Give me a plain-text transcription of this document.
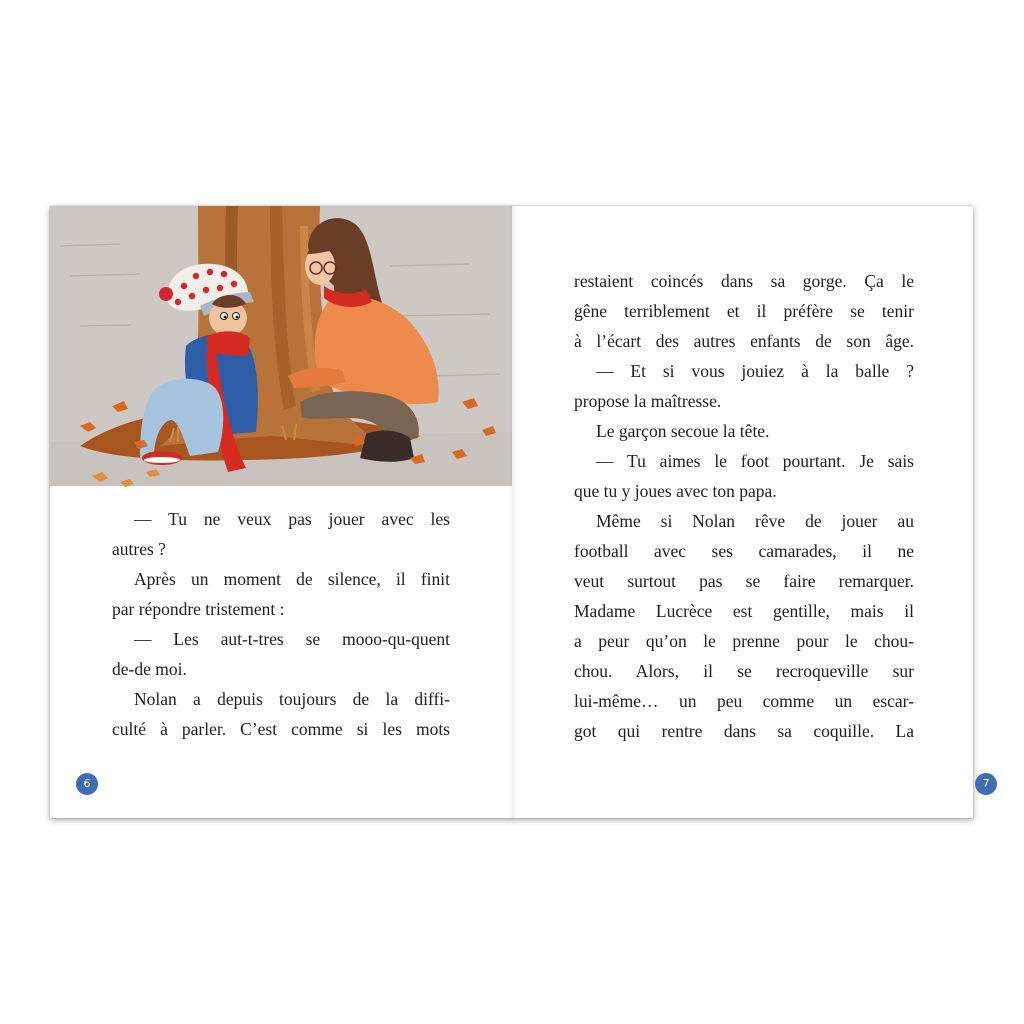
— Tu ne veux pas jouer avec les
autres ?
Après un moment de silence, il finit
par répondre tristement :
— Les aut-t-tres se mooo-qu-quent
de-de moi.
Nolan a depuis toujours de la diffi-
culté à parler. C’est comme si les mots
6
restaient coincés dans sa gorge. Ça le
gêne terriblement et il préfère se tenir
à l’écart des autres enfants de son âge.
— Et si vous jouiez à la balle ?
propose la maîtresse.
Le garçon secoue la tête.
— Tu aimes le foot pourtant. Je sais
que tu y joues avec ton papa.
Même si Nolan rêve de jouer au
football avec ses camarades, il ne
veut surtout pas se faire remarquer.
Madame Lucrèce est gentille, mais il
a peur qu’on le prenne pour le chou-
chou. Alors, il se recroqueville sur
lui-même… un peu comme un escar-
got qui rentre dans sa coquille. La
7
